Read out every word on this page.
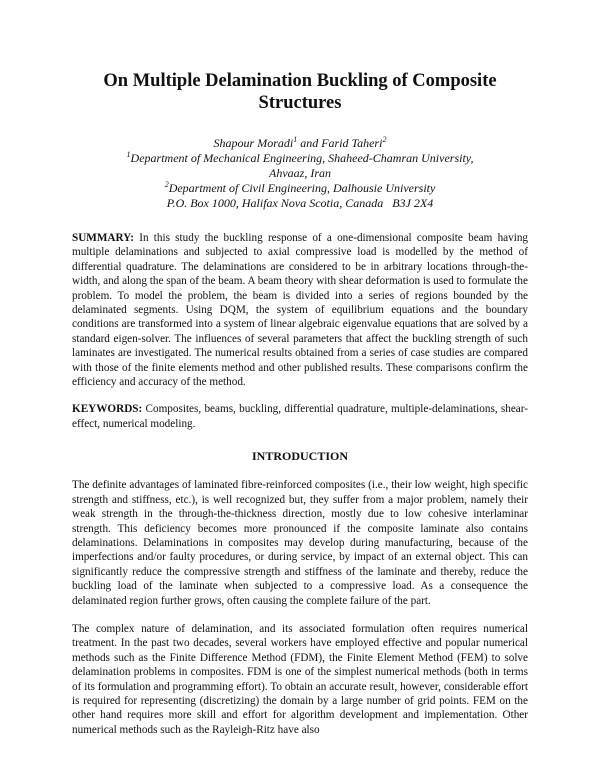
On Multiple Delamination Buckling of Composite Structures
Shapour Moradi$^1$ and Farid Taheri$^2$
$^1$Department of Mechanical Engineering, Shaheed-Chamran University,
Ahvaaz, Iran
$^2$Department of Civil Engineering, Dalhousie University
P.O. Box 1000, Halifax Nova Scotia, Canada   B3J 2X4
SUMMARY: In this study the buckling response of a one-dimensional composite beam having multiple delaminations and subjected to axial compressive load is modelled by the method of differential quadrature. The delaminations are considered to be in arbitrary locations through-the-width, and along the span of the beam. A beam theory with shear deformation is used to formulate the problem. To model the problem, the beam is divided into a series of regions bounded by the delaminated segments. Using DQM, the system of equilibrium equations and the boundary conditions are transformed into a system of linear algebraic eigenvalue equations that are solved by a standard eigen-solver. The influences of several parameters that affect the buckling strength of such laminates are investigated. The numerical results obtained from a series of case studies are compared with those of the finite elements method and other published results. These comparisons confirm the efficiency and accuracy of the method.
KEYWORDS: Composites, beams, buckling, differential quadrature, multiple-delaminations, shear-effect, numerical modeling.
INTRODUCTION

The definite advantages of laminated fibre-reinforced composites (i.e., their low weight, high specific strength and stiffness, etc.), is well recognized but, they suffer from a major problem, namely their weak strength in the through-the-thickness direction, mostly due to low cohesive interlaminar strength. This deficiency becomes more pronounced if the composite laminate also contains delaminations. Delaminations in composites may develop during manufacturing, because of the imperfections and/or faulty procedures, or during service, by impact of an external object. This can significantly reduce the compressive strength and stiffness of the laminate and thereby, reduce the buckling load of the laminate when subjected to a compressive load. As a consequence the delaminated region further grows, often causing the complete failure of the part.

The complex nature of delamination, and its associated formulation often requires numerical treatment. In the past two decades, several workers have employed effective and popular numerical methods such as the Finite Difference Method (FDM), the Finite Element Method (FEM) to solve delamination problems in composites. FDM is one of the simplest numerical methods (both in terms of its formulation and programming effort). To obtain an accurate result, however, considerable effort is required for representing (discretizing) the domain by a large number of grid points. FEM on the other hand requires more skill and effort for algorithm development and implementation. Other numerical methods such as the Rayleigh-Ritz have also
